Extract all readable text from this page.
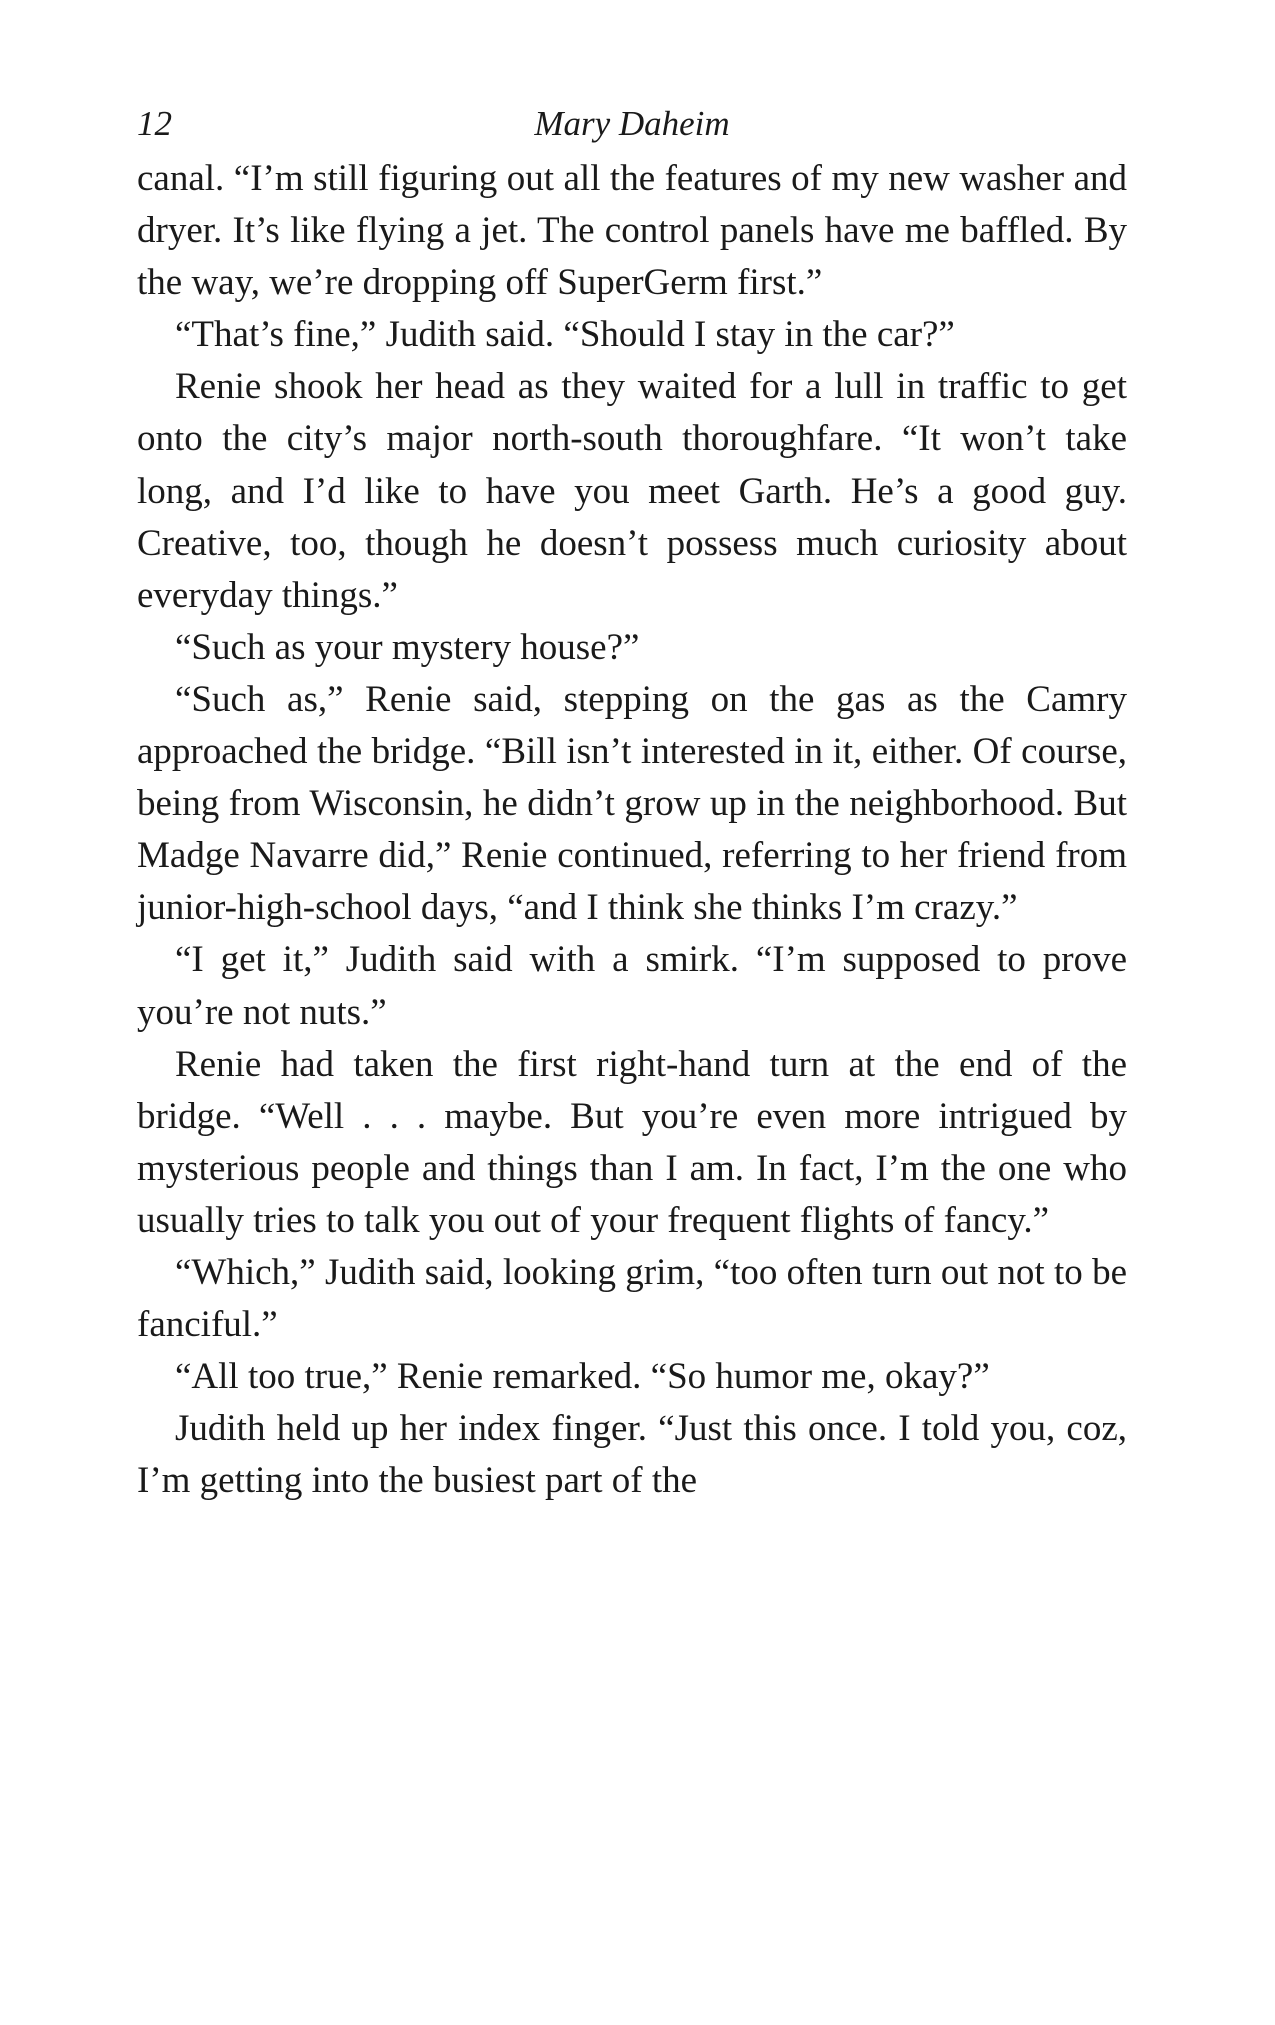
12	Mary Daheim

canal. “I’m still figuring out all the features of my new washer and dryer. It’s like flying a jet. The control panels have me baffled. By the way, we’re dropping off SuperGerm first.”

“That’s fine,” Judith said. “Should I stay in the car?”

Renie shook her head as they waited for a lull in traffic to get onto the city’s major north-south thoroughfare. “It won’t take long, and I’d like to have you meet Garth. He’s a good guy. Creative, too, though he doesn’t possess much curiosity about everyday things.”

“Such as your mystery house?”

“Such as,” Renie said, stepping on the gas as the Camry approached the bridge. “Bill isn’t interested in it, either. Of course, being from Wisconsin, he didn’t grow up in the neighborhood. But Madge Navarre did,” Renie continued, referring to her friend from junior-high-school days, “and I think she thinks I’m crazy.”

“I get it,” Judith said with a smirk. “I’m supposed to prove you’re not nuts.”

Renie had taken the first right-hand turn at the end of the bridge. “Well . . . maybe. But you’re even more intrigued by mysterious people and things than I am. In fact, I’m the one who usually tries to talk you out of your frequent flights of fancy.”

“Which,” Judith said, looking grim, “too often turn out not to be fanciful.”

“All too true,” Renie remarked. “So humor me, okay?”

Judith held up her index finger. “Just this once. I told you, coz, I’m getting into the busiest part of the
